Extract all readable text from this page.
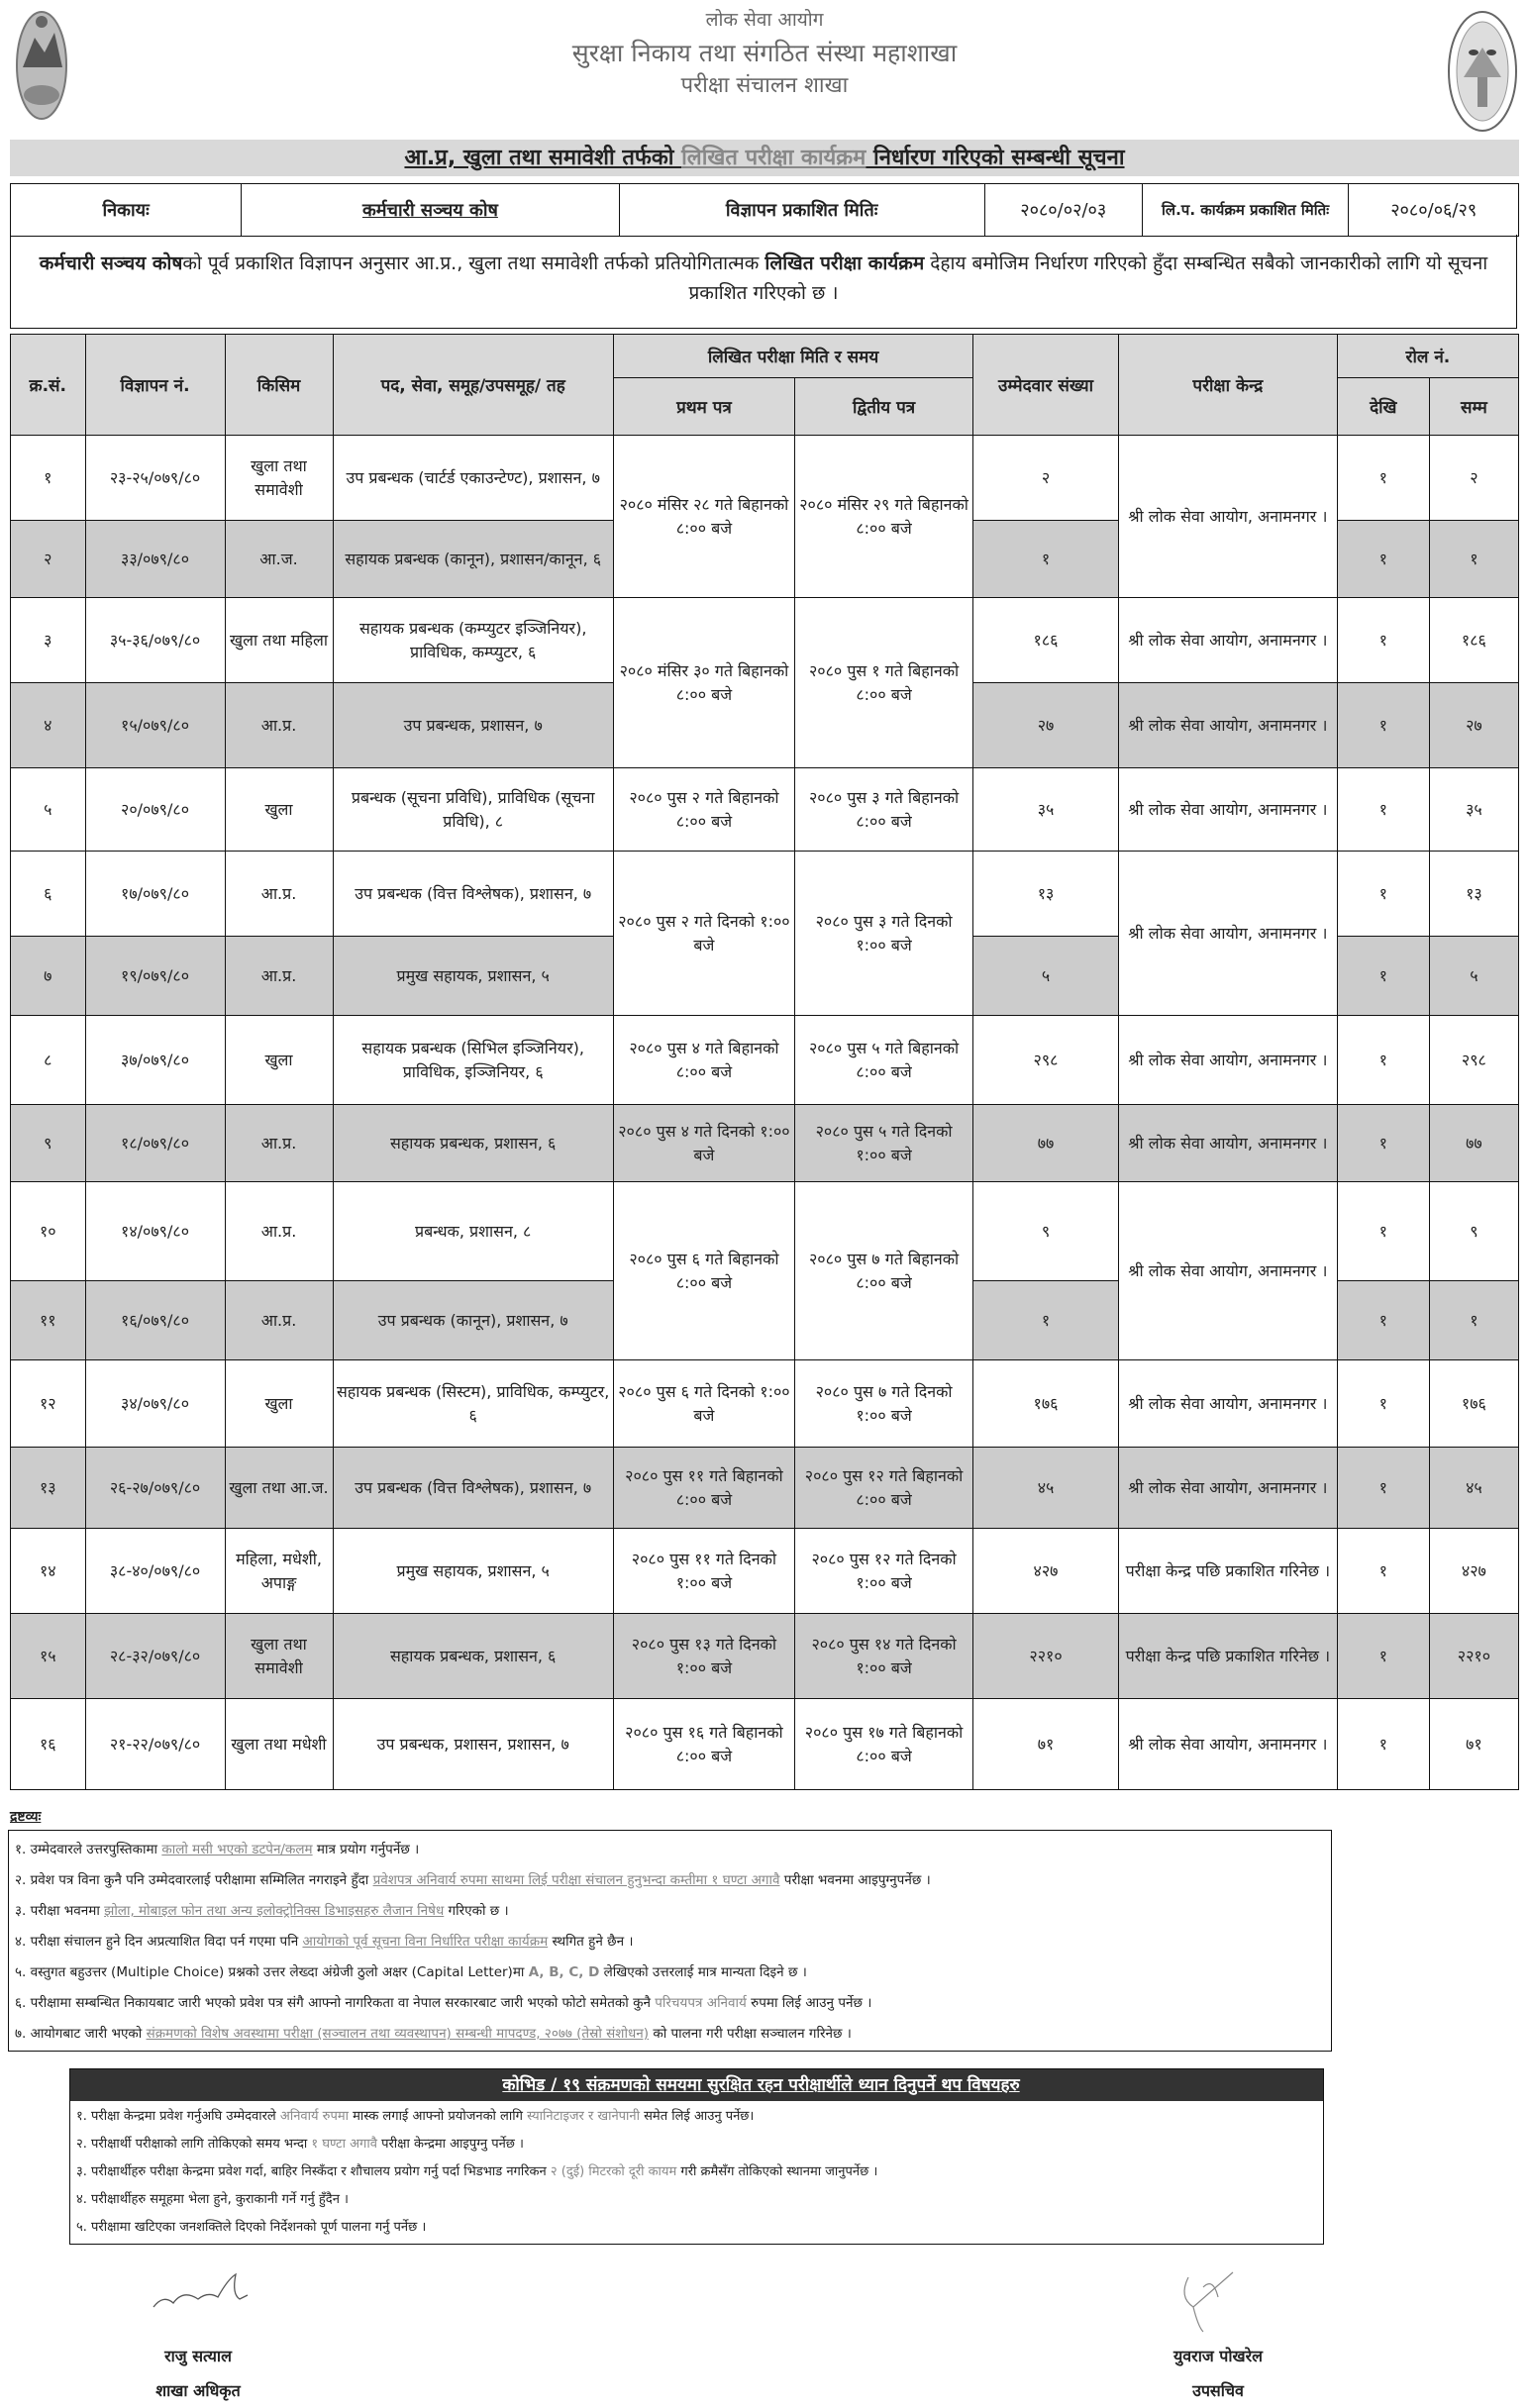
लोक सेवा आयोग
सुरक्षा निकाय तथा संगठित संस्था महाशाखा
परीक्षा संचालन शाखा
आ.प्र, खुला तथा समावेशी तर्फको लिखित परीक्षा कार्यक्रम निर्धारण गरिएको सम्बन्धी सूचना
निकायः	कर्मचारी सञ्चय कोष	विज्ञापन प्रकाशित मितिः	२०८०/०२/०३	लि.प. कार्यक्रम प्रकाशित मितिः	२०८०/०६/२९
कर्मचारी सञ्चय कोषको पूर्व प्रकाशित विज्ञापन अनुसार आ.प्र., खुला तथा समावेशी तर्फको प्रतियोगितात्मक लिखित परीक्षा कार्यक्रम देहाय बमोजिम निर्धारण गरिएको हुँदा सम्बन्धित सबैको जानकारीको लागि यो सूचना प्रकाशित गरिएको छ ।
क्र.सं.	विज्ञापन नं.	किसिम	पद, सेवा, समूह/उपसमूह/ तह	लिखित परीक्षा मिति र समय		उम्मेदवार संख्या	परीक्षा केन्द्र	रोल नं.	
				प्रथम पत्र	द्वितीय पत्र			देखि	सम्म
१	२३-२५/०७९/८०	खुला तथा समावेशी	उप प्रबन्धक (चार्टर्ड एकाउन्टेण्ट), प्रशासन, ७	२०८० मंसिर २८ गते बिहानको ८:०० बजे	२०८० मंसिर २९ गते बिहानको ८:०० बजे	२	श्री लोक सेवा आयोग, अनामनगर ।	१	२
२	३३/०७९/८०	आ.ज.	सहायक प्रबन्धक (कानून), प्रशासन/कानून, ६			१		१	१
३	३५-३६/०७९/८०	खुला तथा महिला	सहायक प्रबन्धक (कम्प्युटर इञ्जिनियर), प्राविधिक, कम्प्युटर, ६	२०८० मंसिर ३० गते बिहानको ८:०० बजे	२०८० पुस १ गते बिहानको ८:०० बजे	१८६	श्री लोक सेवा आयोग, अनामनगर ।	१	१८६
४	१५/०७९/८०	आ.प्र.	उप प्रबन्धक, प्रशासन, ७			२७	श्री लोक सेवा आयोग, अनामनगर ।	१	२७
५	२०/०७९/८०	खुला	प्रबन्धक (सूचना प्रविधि), प्राविधिक (सूचना प्रविधि), ८	२०८० पुस २ गते बिहानको ८:०० बजे	२०८० पुस ३ गते बिहानको ८:०० बजे	३५	श्री लोक सेवा आयोग, अनामनगर ।	१	३५
६	१७/०७९/८०	आ.प्र.	उप प्रबन्धक (वित्त विश्लेषक), प्रशासन, ७	२०८० पुस २ गते दिनको १:०० बजे	२०८० पुस ३ गते दिनको १:०० बजे	१३	श्री लोक सेवा आयोग, अनामनगर ।	१	१३
७	१९/०७९/८०	आ.प्र.	प्रमुख सहायक, प्रशासन, ५			५		१	५
८	३७/०७९/८०	खुला	सहायक प्रबन्धक (सिभिल इञ्जिनियर), प्राविधिक, इञ्जिनियर, ६	२०८० पुस ४ गते बिहानको ८:०० बजे	२०८० पुस ५ गते बिहानको ८:०० बजे	२९८	श्री लोक सेवा आयोग, अनामनगर ।	१	२९८
९	१८/०७९/८०	आ.प्र.	सहायक प्रबन्धक, प्रशासन, ६	२०८० पुस ४ गते दिनको १:०० बजे	२०८० पुस ५ गते दिनको १:०० बजे	७७	श्री लोक सेवा आयोग, अनामनगर ।	१	७७
१०	१४/०७९/८०	आ.प्र.	प्रबन्धक, प्रशासन, ८	२०८० पुस ६ गते बिहानको ८:०० बजे	२०८० पुस ७ गते बिहानको ८:०० बजे	९	श्री लोक सेवा आयोग, अनामनगर ।	१	९
११	१६/०७९/८०	आ.प्र.	उप प्रबन्धक (कानून), प्रशासन, ७			१		१	१
१२	३४/०७९/८०	खुला	सहायक प्रबन्धक (सिस्टम), प्राविधिक, कम्प्युटर, ६	२०८० पुस ६ गते दिनको १:०० बजे	२०८० पुस ७ गते दिनको १:०० बजे	१७६	श्री लोक सेवा आयोग, अनामनगर ।	१	१७६
१३	२६-२७/०७९/८०	खुला तथा आ.ज.	उप प्रबन्धक (वित्त विश्लेषक), प्रशासन, ७	२०८० पुस ११ गते बिहानको ८:०० बजे	२०८० पुस १२ गते बिहानको ८:०० बजे	४५	श्री लोक सेवा आयोग, अनामनगर ।	१	४५
१४	३८-४०/०७९/८०	महिला, मधेशी, अपाङ्ग	प्रमुख सहायक, प्रशासन, ५	२०८० पुस ११ गते दिनको १:०० बजे	२०८० पुस १२ गते दिनको १:०० बजे	४२७	परीक्षा केन्द्र पछि प्रकाशित गरिनेछ ।	१	४२७
१५	२८-३२/०७९/८०	खुला तथा समावेशी	सहायक प्रबन्धक, प्रशासन, ६	२०८० पुस १३ गते दिनको १:०० बजे	२०८० पुस १४ गते दिनको १:०० बजे	२२१०	परीक्षा केन्द्र पछि प्रकाशित गरिनेछ ।	१	२२१०
१६	२१-२२/०७९/८०	खुला तथा मधेशी	उप प्रबन्धक, प्रशासन, प्रशासन, ७	२०८० पुस १६ गते बिहानको ८:०० बजे	२०८० पुस १७ गते बिहानको ८:०० बजे	७१	श्री लोक सेवा आयोग, अनामनगर ।	१	७१
द्रष्टव्यः
१. उम्मेदवारले उत्तरपुस्तिकामा कालो मसी भएको डटपेन/कलम मात्र प्रयोग गर्नुपर्नेछ ।
२. प्रवेश पत्र विना कुनै पनि उम्मेदवारलाई परीक्षामा सम्मिलित नगराइने हुँदा प्रवेशपत्र अनिवार्य रुपमा साथमा लिई परीक्षा संचालन हुनुभन्दा कम्तीमा १ घण्टा अगावै परीक्षा भवनमा आइपुग्नुपर्नेछ ।
३. परीक्षा भवनमा झोला, मोबाइल फोन तथा अन्य इलोक्ट्रोनिक्स डिभाइसहरु लैजान निषेध गरिएको छ ।
४. परीक्षा संचालन हुने दिन अप्रत्याशित विदा पर्न गएमा पनि आयोगको पूर्व सूचना विना निर्धारित परीक्षा कार्यक्रम स्थगित हुने छैन ।
५. वस्तुगत बहुउत्तर (Multiple Choice) प्रश्नको उत्तर लेख्दा अंग्रेजी ठुलो अक्षर (Capital Letter)मा A, B, C, D लेखिएको उत्तरलाई मात्र मान्यता दिइने छ ।
६. परीक्षामा सम्बन्धित निकायबाट जारी भएको प्रवेश पत्र संगै आफ्नो नागरिकता वा नेपाल सरकारबाट जारी भएको फोटो समेतको कुनै परिचयपत्र अनिवार्य रुपमा लिई आउनु पर्नेछ ।
७. आयोगबाट जारी भएको संक्रमणको विशेष अवस्थामा परीक्षा (सञ्चालन तथा व्यवस्थापन) सम्बन्धी मापदण्ड, २०७७ (तेस्रो संशोधन) को पालना गरी परीक्षा सञ्चालन गरिनेछ ।
कोभिड / १९ संक्रमणको समयमा सुरक्षित रहन परीक्षार्थीले ध्यान दिनुपर्ने थप विषयहरु
१. परीक्षा केन्द्रमा प्रवेश गर्नुअघि उम्मेदवारले अनिवार्य रुपमा मास्क लगाई आफ्नो प्रयोजनको लागि स्यानिटाइजर र खानेपानी समेत लिई आउनु पर्नेछ।
२. परीक्षार्थी परीक्षाको लागि तोकिएको समय भन्दा १ घण्टा अगावै परीक्षा केन्द्रमा आइपुग्नु पर्नेछ ।
३. परीक्षार्थीहरु परीक्षा केन्द्रमा प्रवेश गर्दा, बाहिर निस्कँदा र शौचालय प्रयोग गर्नु पर्दा भिडभाड नगरिकन २ (दुई) मिटरको दूरी कायम गरी क्रमैसँग तोकिएको स्थानमा जानुपर्नेछ ।
४. परीक्षार्थीहरु समूहमा भेला हुने, कुराकानी गर्ने गर्नु हुँदैन ।
५. परीक्षामा खटिएका जनशक्तिले दिएको निर्देशनको पूर्ण पालना गर्नु पर्नेछ ।
राजु सत्याल
शाखा अधिकृत
युवराज पोखरेल
उपसचिव
